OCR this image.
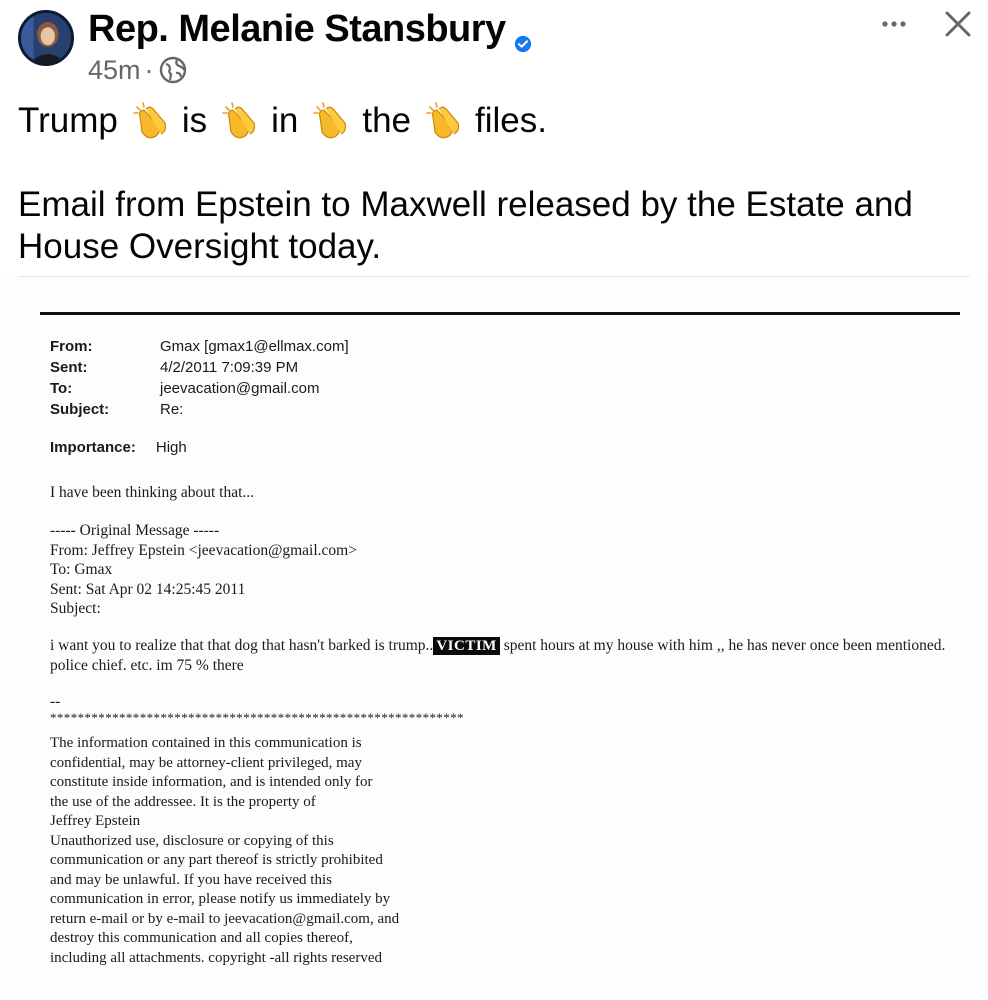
Rep. Melanie Stansbury
45m ·
Trump is in the files.
Email from Epstein to Maxwell released by the Estate and
House Oversight today.
From:	Gmax [gmax1@ellmax.com]
Sent:	4/2/2011 7:09:39 PM
To:	jeevacation@gmail.com
Subject:	Re:
Importance: High
I have been thinking about that...
----- Original Message -----
From: Jeffrey Epstein <jeevacation@gmail.com>
To: Gmax
Sent: Sat Apr 02 14:25:45 2011
Subject:
i want you to realize that that dog that hasn't barked is trump.. VICTIM spent hours at my house with him ,, he has never once been mentioned. police chief. etc. im 75 % there
--
************************************************************
The information contained in this communication is
confidential, may be attorney-client privileged, may
constitute inside information, and is intended only for
the use of the addressee. It is the property of
Jeffrey Epstein
Unauthorized use, disclosure or copying of this
communication or any part thereof is strictly prohibited
and may be unlawful. If you have received this
communication in error, please notify us immediately by
return e-mail or by e-mail to jeevacation@gmail.com, and
destroy this communication and all copies thereof,
including all attachments. copyright -all rights reserved
